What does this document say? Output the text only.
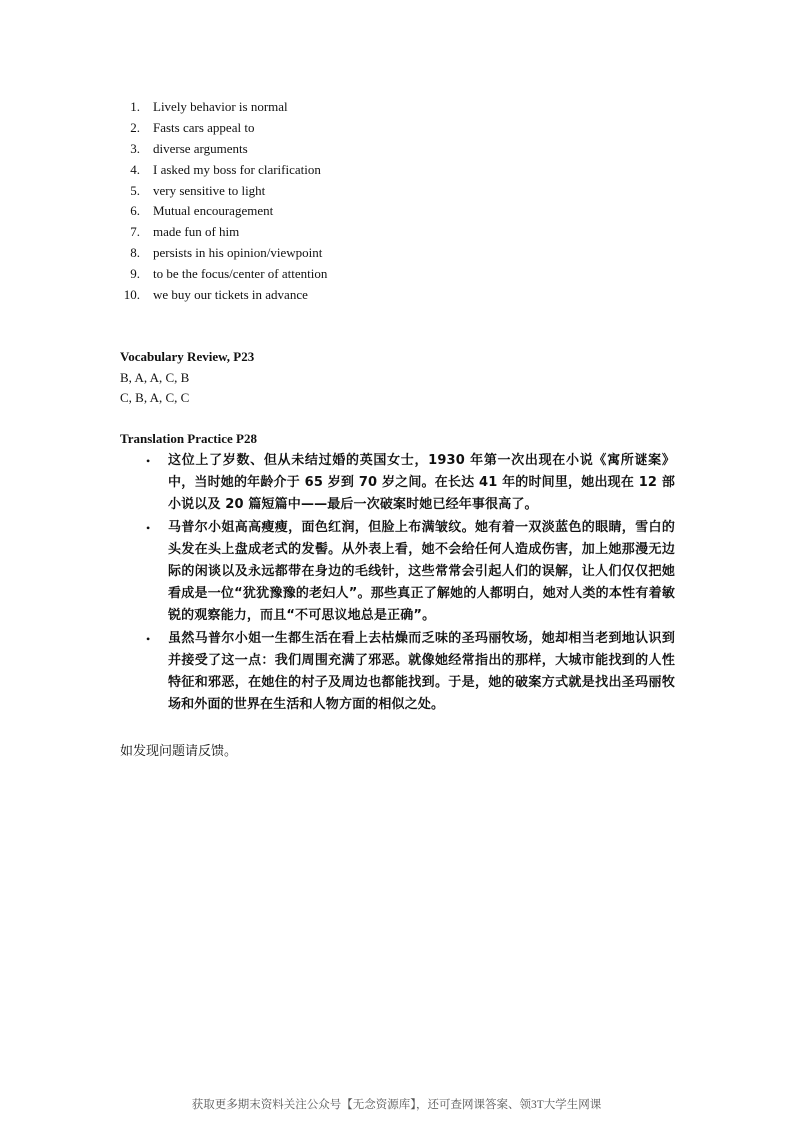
1.	Lively behavior is normal
2.	Fasts cars appeal to
3.	diverse arguments
4.	I asked my boss for clarification
5.	very sensitive to light
6.	Mutual encouragement
7.	made fun of him
8.	persists in his opinion/viewpoint
9.	to be the focus/center of attention
10.	we buy our tickets in advance
Vocabulary Review, P23
B, A, A, C, B
C, B, A, C, C
Translation Practice P28
•	这位上了岁数、但从未结过婚的英国女士，1930 年第一次出现在小说《寓所谜案》中，当时她的年龄介于 65 岁到 70 岁之间。在长达 41 年的时间里，她出现在 12 部小说以及 20 篇短篇中——最后一次破案时她已经年事很高了。
•	马普尔小姐高高瘦瘦，面色红润，但脸上布满皱纹。她有着一双淡蓝色的眼睛，雪白的头发在头上盘成老式的发髻。从外表上看，她不会给任何人造成伤害，加上她那漫无边际的闲谈以及永远都带在身边的毛线针，这些常常会引起人们的误解，让人们仅仅把她看成是一位“犹犹豫豫的老妇人”。那些真正了解她的人都明白，她对人类的本性有着敏锐的观察能力，而且“不可思议地总是正确”。
•	虽然马普尔小姐一生都生活在看上去枯燥而乏味的圣玛丽牧场，她却相当老到地认识到并接受了这一点：我们周围充满了邪恶。就像她经常指出的那样，大城市能找到的人性特征和邪恶，在她住的村子及周边也都能找到。于是，她的破案方式就是找出圣玛丽牧场和外面的世界在生活和人物方面的相似之处。
如发现问题请反馈。
获取更多期末资料关注公众号【无念资源库】，还可查网课答案、领3T大学生网课
